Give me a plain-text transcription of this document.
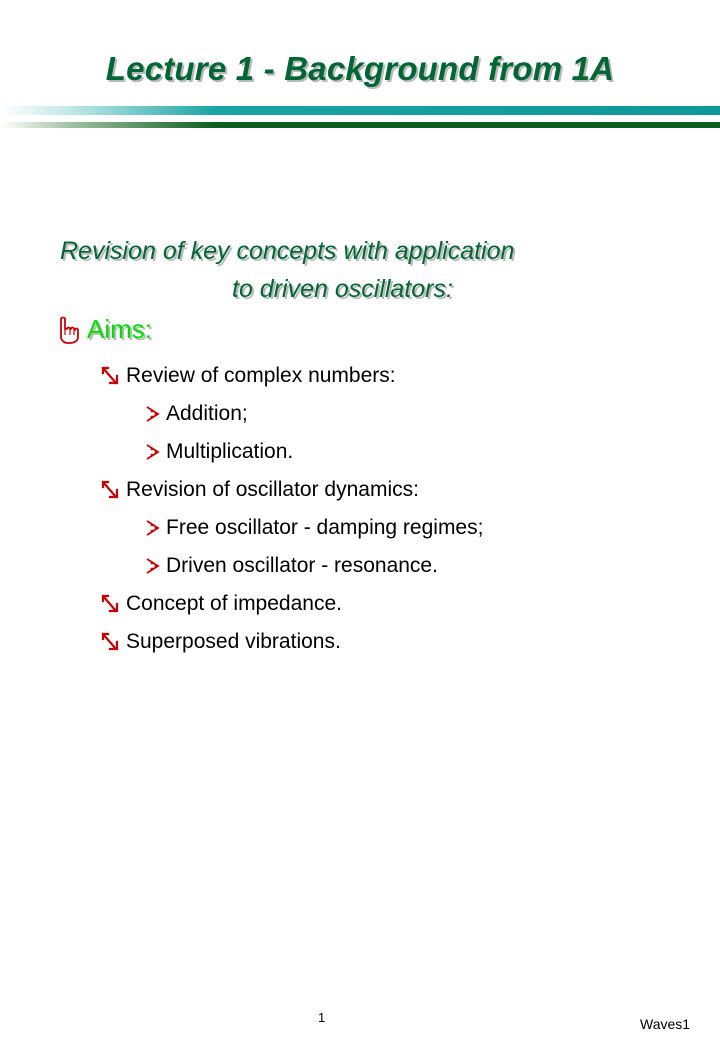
Lecture 1 - Background from 1A
Revision of key concepts with application
to driven oscillators:
Aims:
Review of complex numbers:
Addition;
Multiplication.
Revision of oscillator dynamics:
Free oscillator - damping regimes;
Driven oscillator - resonance.
Concept of impedance.
Superposed vibrations.
1	Waves1
